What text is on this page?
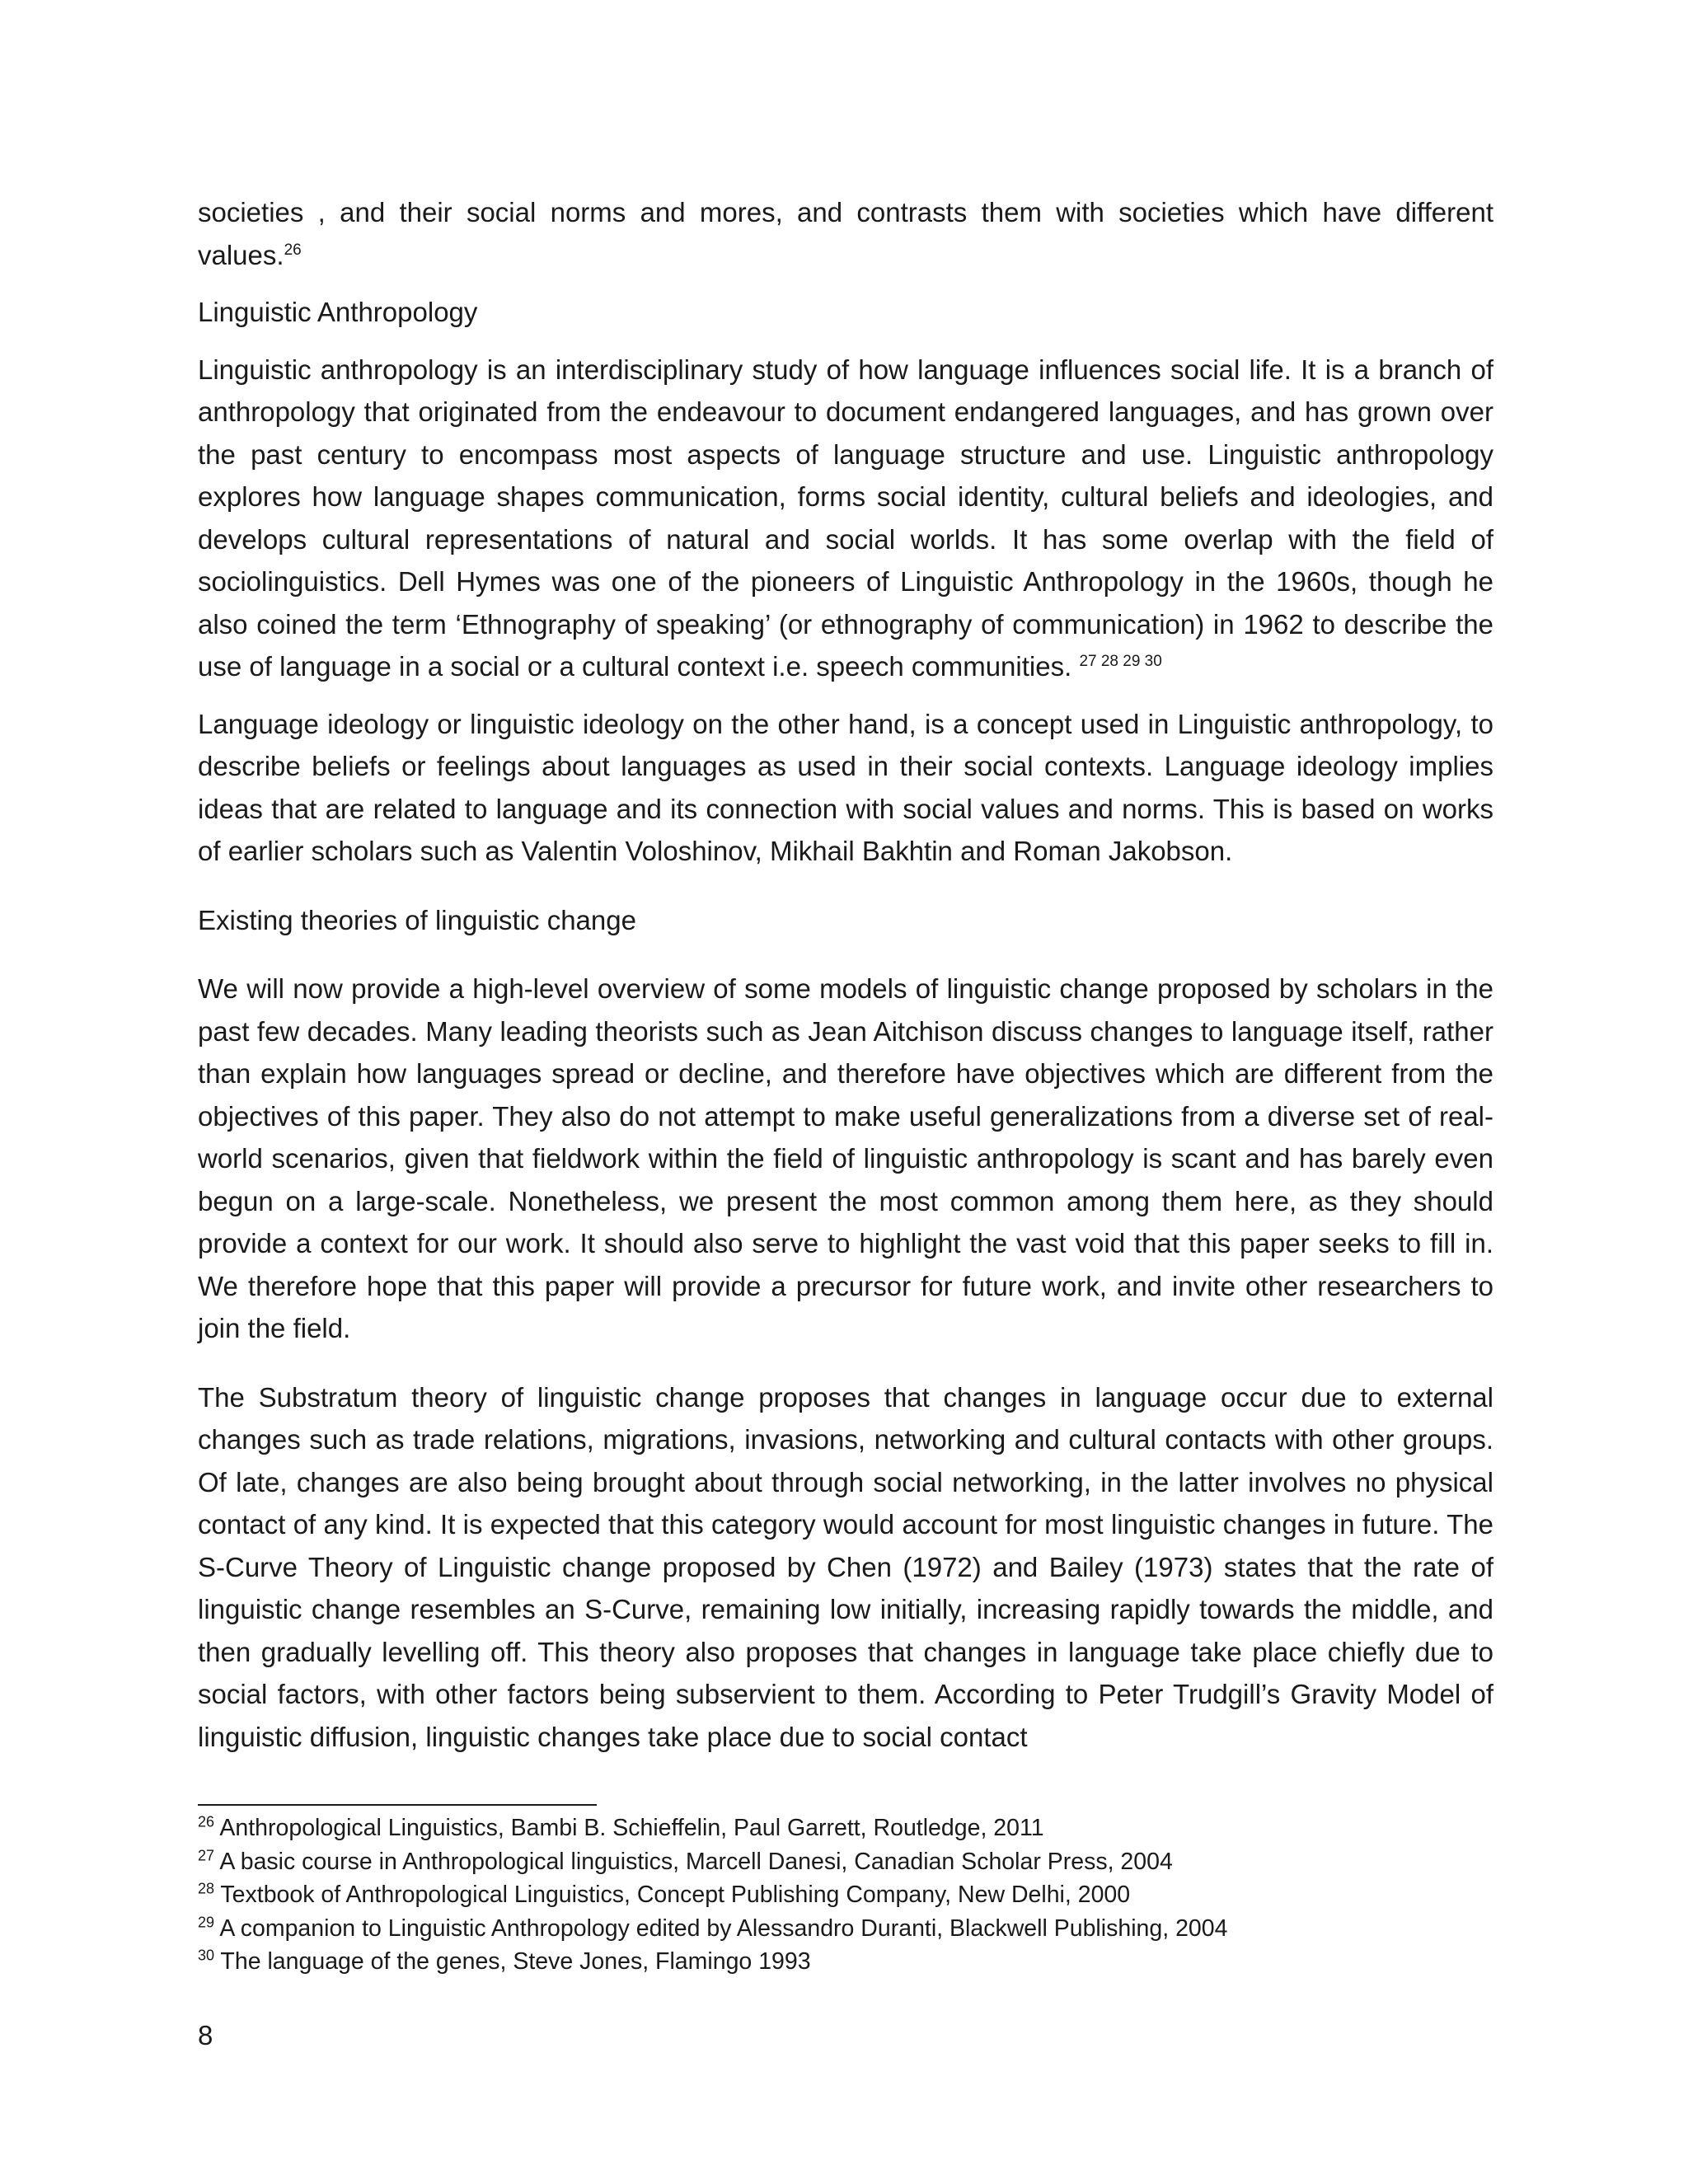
societies , and their social norms and mores, and contrasts them with societies which have different values.$^{26}$

Linguistic Anthropology

Linguistic anthropology is an interdisciplinary study of how language influences social life. It is a branch of anthropology that originated from the endeavour to document endangered languages, and has grown over the past century to encompass most aspects of language structure and use. Linguistic anthropology explores how language shapes communication, forms social identity, cultural beliefs and ideologies, and develops cultural representations of natural and social worlds. It has some overlap with the field of sociolinguistics. Dell Hymes was one of the pioneers of Linguistic Anthropology in the 1960s, though he also coined the term ‘Ethnography of speaking’ (or ethnography of communication) in 1962 to describe the use of language in a social or a cultural context i.e. speech communities. $^{27 28 29 30}$

Language ideology or linguistic ideology on the other hand, is a concept used in Linguistic anthropology, to describe beliefs or feelings about languages as used in their social contexts. Language ideology implies ideas that are related to language and its connection with social values and norms. This is based on works of earlier scholars such as Valentin Voloshinov, Mikhail Bakhtin and Roman Jakobson.

Existing theories of linguistic change

We will now provide a high-level overview of some models of linguistic change proposed by scholars in the past few decades. Many leading theorists such as Jean Aitchison discuss changes to language itself, rather than explain how languages spread or decline, and therefore have objectives which are different from the objectives of this paper. They also do not attempt to make useful generalizations from a diverse set of real-world scenarios, given that fieldwork within the field of linguistic anthropology is scant and has barely even begun on a large-scale. Nonetheless, we present the most common among them here, as they should provide a context for our work. It should also serve to highlight the vast void that this paper seeks to fill in. We therefore hope that this paper will provide a precursor for future work, and invite other researchers to join the field.

The Substratum theory of linguistic change proposes that changes in language occur due to external changes such as trade relations, migrations, invasions, networking and cultural contacts with other groups. Of late, changes are also being brought about through social networking, in the latter involves no physical contact of any kind. It is expected that this category would account for most linguistic changes in future. The S-Curve Theory of Linguistic change proposed by Chen (1972) and Bailey (1973) states that the rate of linguistic change resembles an S-Curve, remaining low initially, increasing rapidly towards the middle, and then gradually levelling off. This theory also proposes that changes in language take place chiefly due to social factors, with other factors being subservient to them. According to Peter Trudgill’s Gravity Model of linguistic diffusion, linguistic changes take place due to social contact

$^{26}$ Anthropological Linguistics, Bambi B. Schieffelin, Paul Garrett, Routledge, 2011

$^{27}$ A basic course in Anthropological linguistics, Marcell Danesi, Canadian Scholar Press, 2004

$^{28}$ Textbook of Anthropological Linguistics, Concept Publishing Company, New Delhi, 2000

$^{29}$ A companion to Linguistic Anthropology edited by Alessandro Duranti, Blackwell Publishing, 2004

$^{30}$ The language of the genes, Steve Jones, Flamingo 1993

8
